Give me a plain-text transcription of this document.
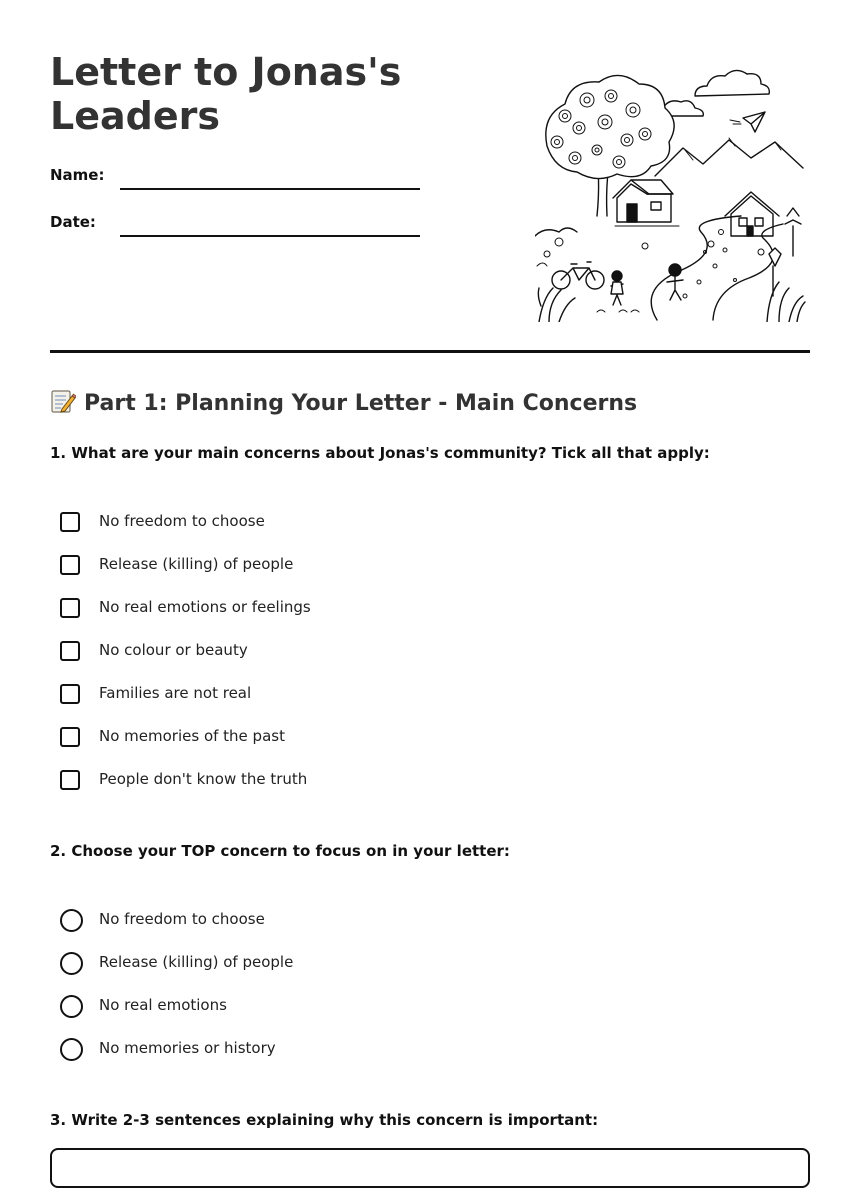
Letter to Jonas's Leaders
Name:
Date:
Part 1: Planning Your Letter - Main Concerns

1. What are your main concerns about Jonas's community? Tick all that apply:

No freedom to choose
Release (killing) of people
No real emotions or feelings
No colour or beauty
Families are not real
No memories of the past
People don't know the truth

2. Choose your TOP concern to focus on in your letter:

No freedom to choose
Release (killing) of people
No real emotions
No memories or history

3. Write 2-3 sentences explaining why this concern is important:
